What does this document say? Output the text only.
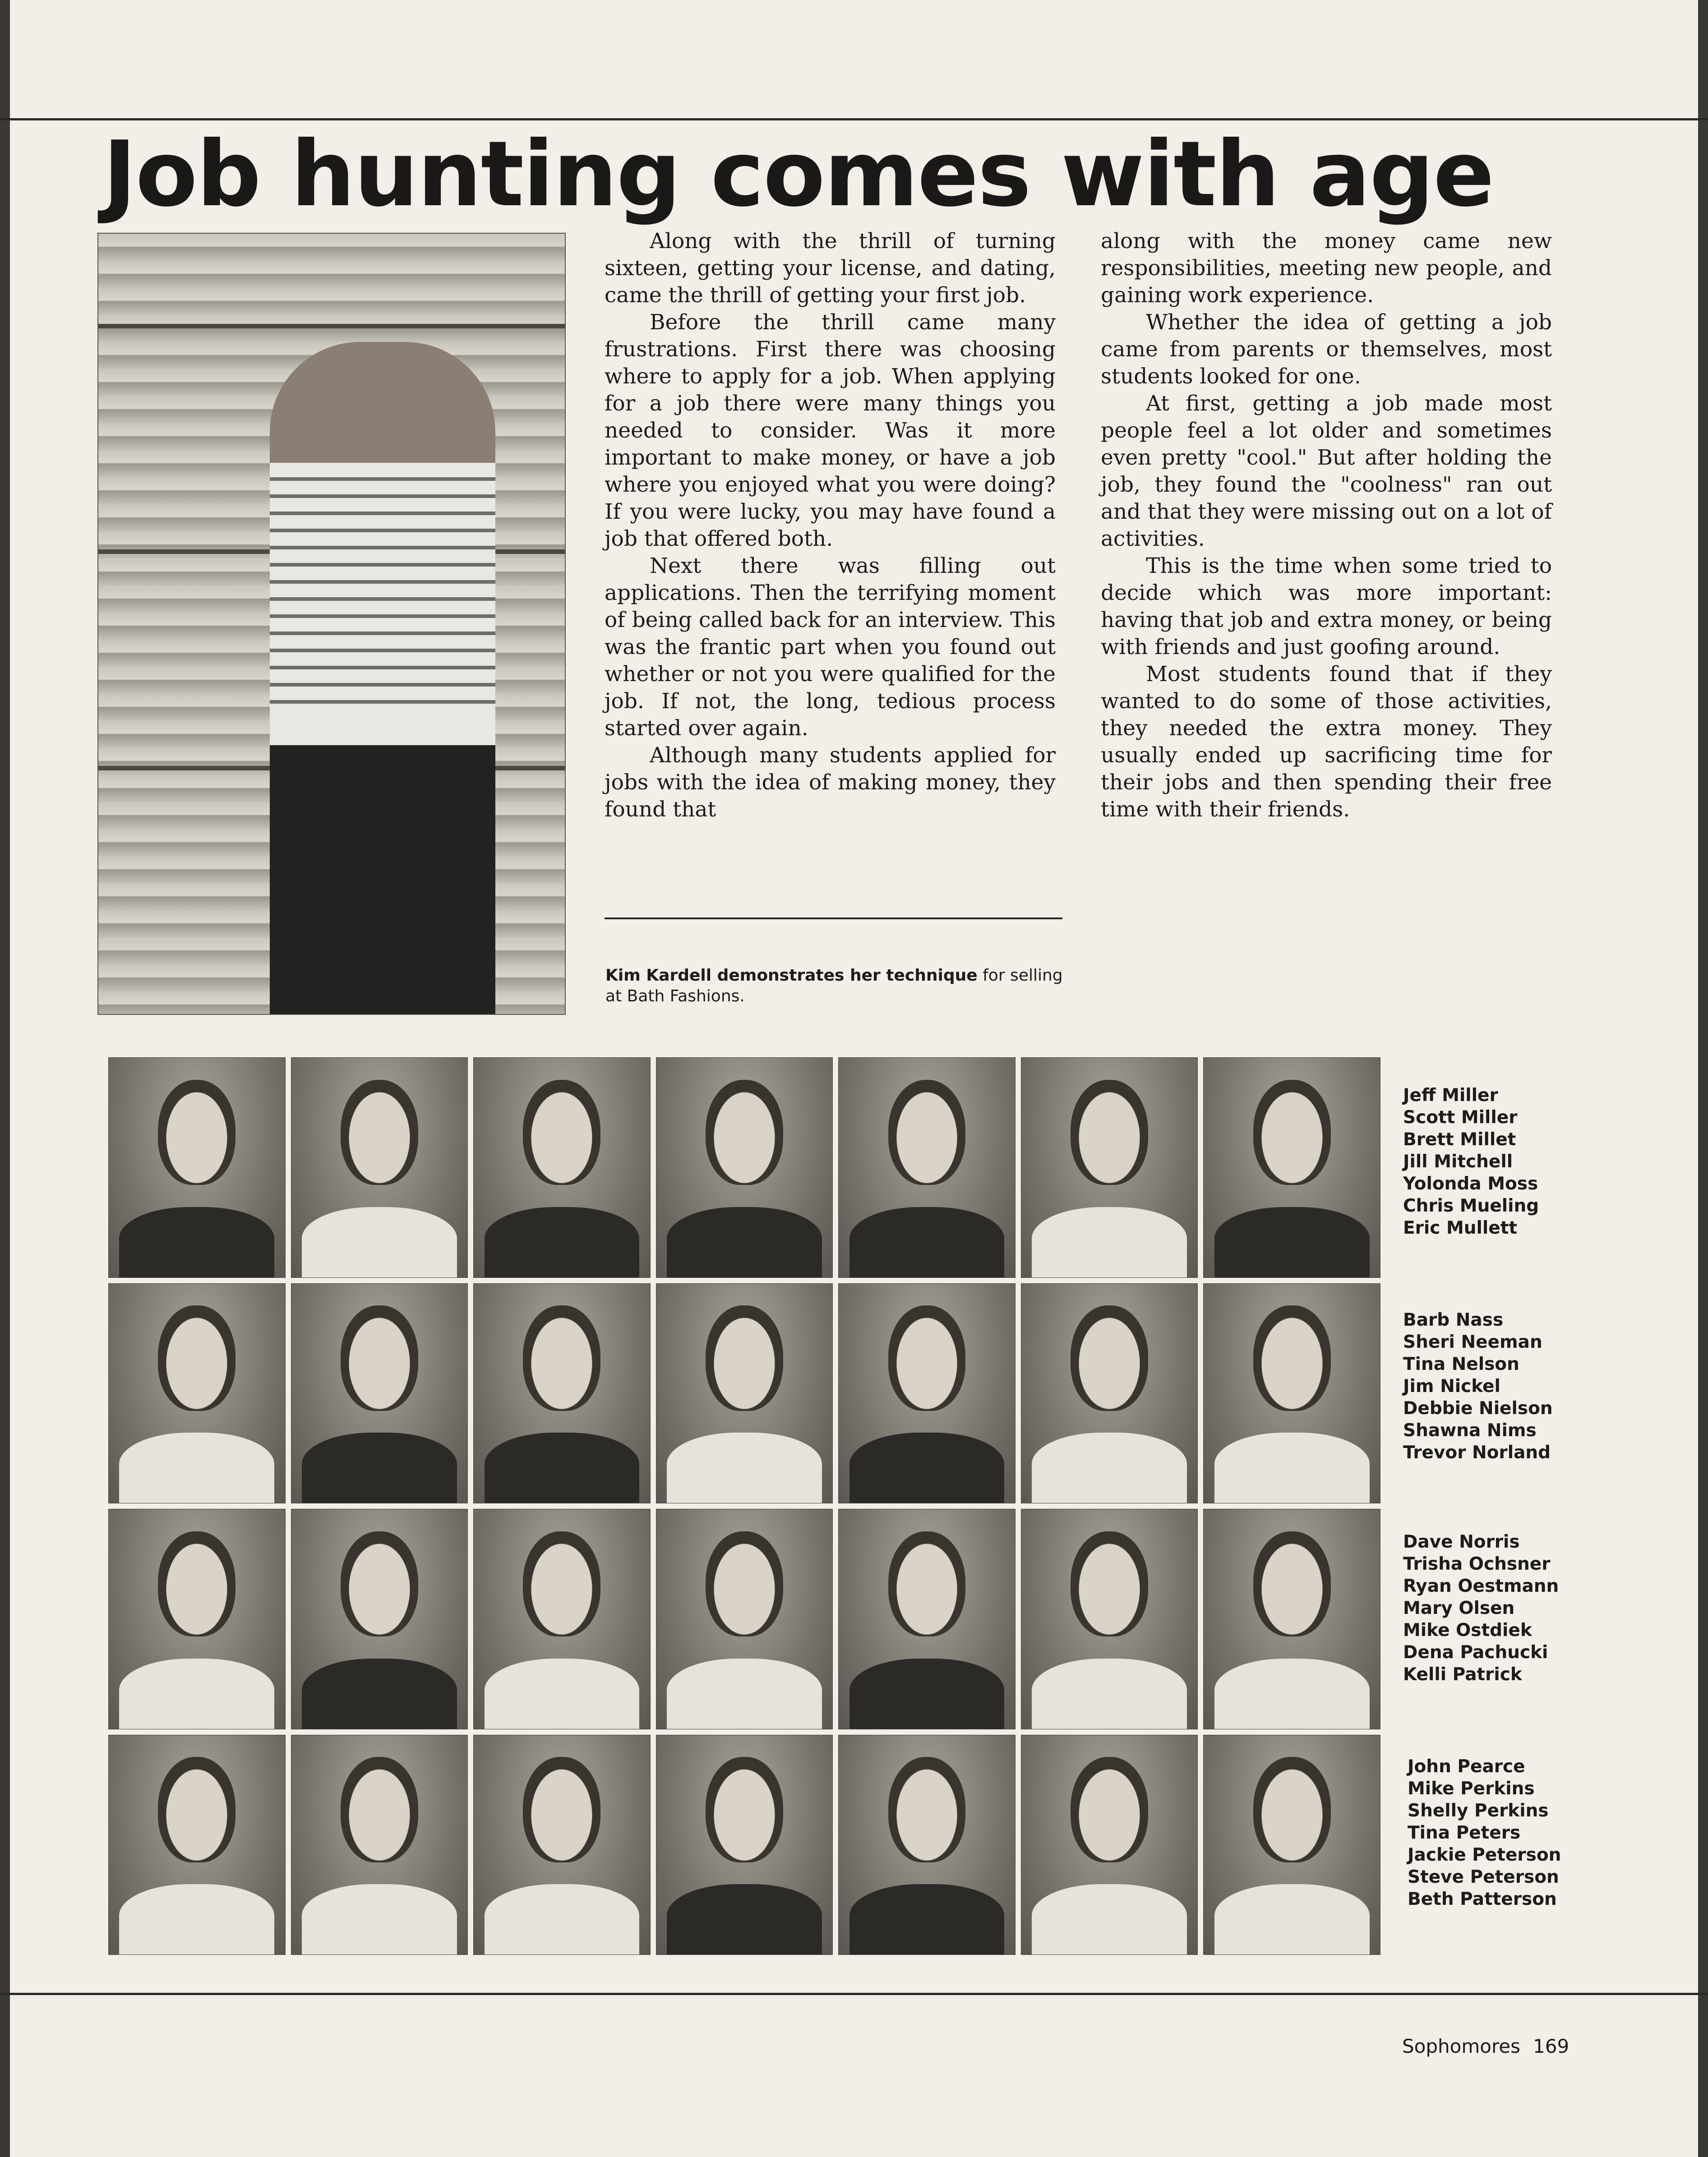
Job hunting comes with age

Along with the thrill of turning sixteen, getting your license, and dating, came the thrill of getting your first job.

Before the thrill came many frustrations. First there was choosing where to apply for a job. When applying for a job there were many things you needed to consider. Was it more important to make money, or have a job where you enjoyed what you were doing? If you were lucky, you may have found a job that offered both.

Next there was filling out applications. Then the terrifying moment of being called back for an interview. This was the frantic part when you found out whether or not you were qualified for the job. If not, the long, tedious process started over again.

Although many students applied for jobs with the idea of making money, they found that

along with the money came new responsibilities, meeting new people, and gaining work experience.

Whether the idea of getting a job came from parents or themselves, most students looked for one.

At first, getting a job made most people feel a lot older and sometimes even pretty "cool." But after holding the job, they found the "coolness" ran out and that they were missing out on a lot of activities.

This is the time when some tried to decide which was more important: having that job and extra money, or being with friends and just goofing around.

Most students found that if they wanted to do some of those activities, they needed the extra money. They usually ended up sacrificing time for their jobs and then spending their free time with their friends.

Kim Kardell demonstrates her technique for selling at Bath Fashions.

Jeff Miller
Scott Miller
Brett Millet
Jill Mitchell
Yolonda Moss
Chris Mueling
Eric Mullett
Barb Nass
Sheri Neeman
Tina Nelson
Jim Nickel
Debbie Nielson
Shawna Nims
Trevor Norland
Dave Norris
Trisha Ochsner
Ryan Oestmann
Mary Olsen
Mike Ostdiek
Dena Pachucki
Kelli Patrick
John Pearce
Mike Perkins
Shelly Perkins
Tina Peters
Jackie Peterson
Steve Peterson
Beth Patterson
Sophomores 169
